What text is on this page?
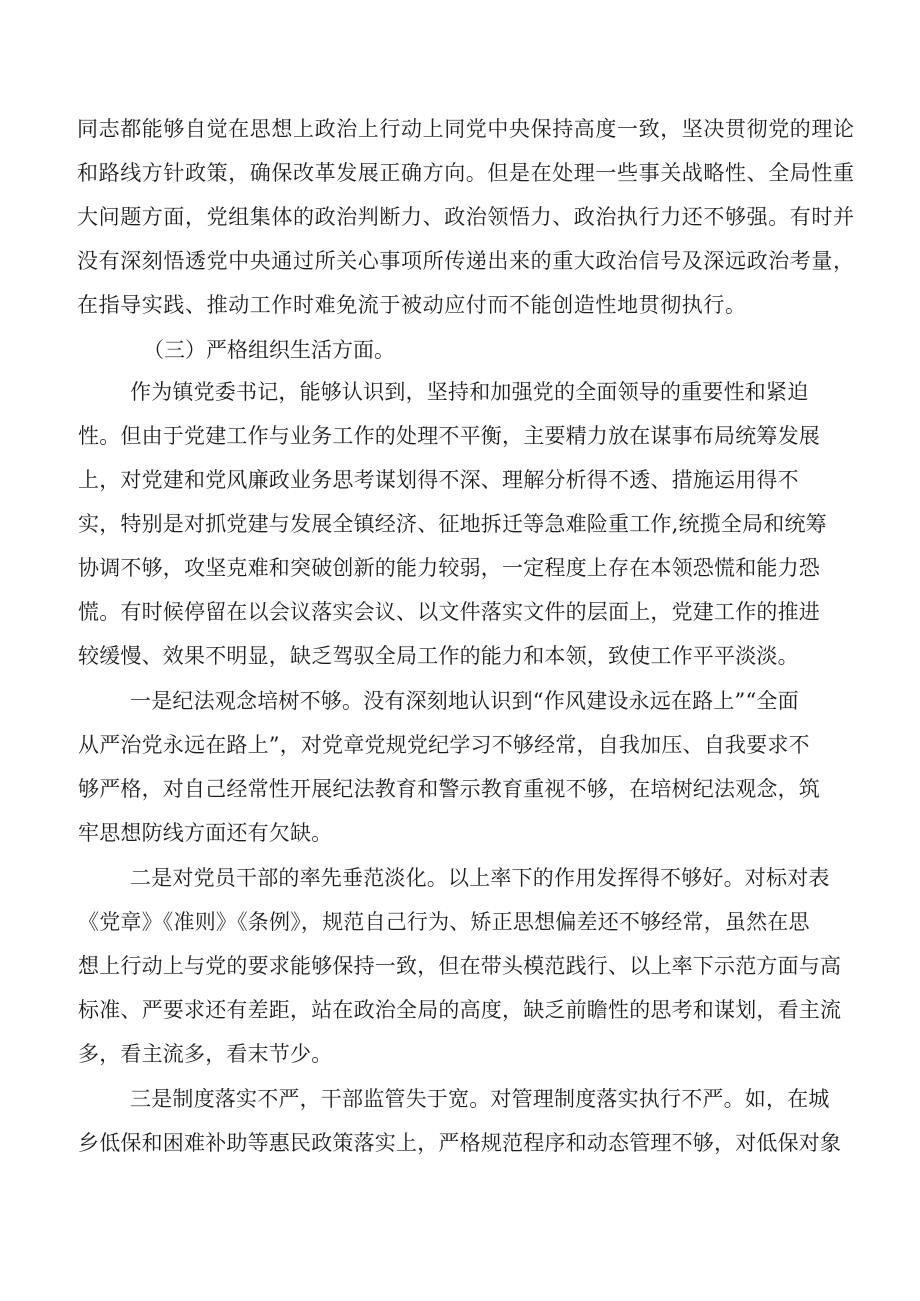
同志都能够自觉在思想上政治上行动上同党中央保持高度一致，坚决贯彻党的理论
和路线方针政策，确保改革发展正确方向。但是在处理一些事关战略性、全局性重
大问题方面，党组集体的政治判断力、政治领悟力、政治执行力还不够强。有时并
没有深刻悟透党中央通过所关心事项所传递出来的重大政治信号及深远政治考量，
在指导实践、推动工作时难免流于被动应付而不能创造性地贯彻执行。
（三）严格组织生活方面。
作为镇党委书记，能够认识到，坚持和加强党的全面领导的重要性和紧迫
性。但由于党建工作与业务工作的处理不平衡，主要精力放在谋事布局统筹发展
上，对党建和党风廉政业务思考谋划得不深、理解分析得不透、措施运用得不
实，特别是对抓党建与发展全镇经济、征地拆迁等急难险重工作,统揽全局和统筹
协调不够，攻坚克难和突破创新的能力较弱，一定程度上存在本领恐慌和能力恐
慌。有时候停留在以会议落实会议、以文件落实文件的层面上，党建工作的推进
较缓慢、效果不明显，缺乏驾驭全局工作的能力和本领，致使工作平平淡淡。
一是纪法观念培树不够。没有深刻地认识到“作风建设永远在路上”“全面
从严治党永远在路上”，对党章党规党纪学习不够经常，自我加压、自我要求不
够严格，对自己经常性开展纪法教育和警示教育重视不够，在培树纪法观念，筑
牢思想防线方面还有欠缺。
二是对党员干部的率先垂范淡化。以上率下的作用发挥得不够好。对标对表
《党章》《准则》《条例》，规范自己行为、矫正思想偏差还不够经常，虽然在思
想上行动上与党的要求能够保持一致，但在带头模范践行、以上率下示范方面与高
标准、严要求还有差距，站在政治全局的高度，缺乏前瞻性的思考和谋划，看主流
多，看主流多，看末节少。
三是制度落实不严，干部监管失于宽。对管理制度落实执行不严。如，在城
乡低保和困难补助等惠民政策落实上，严格规范程序和动态管理不够，对低保对象
